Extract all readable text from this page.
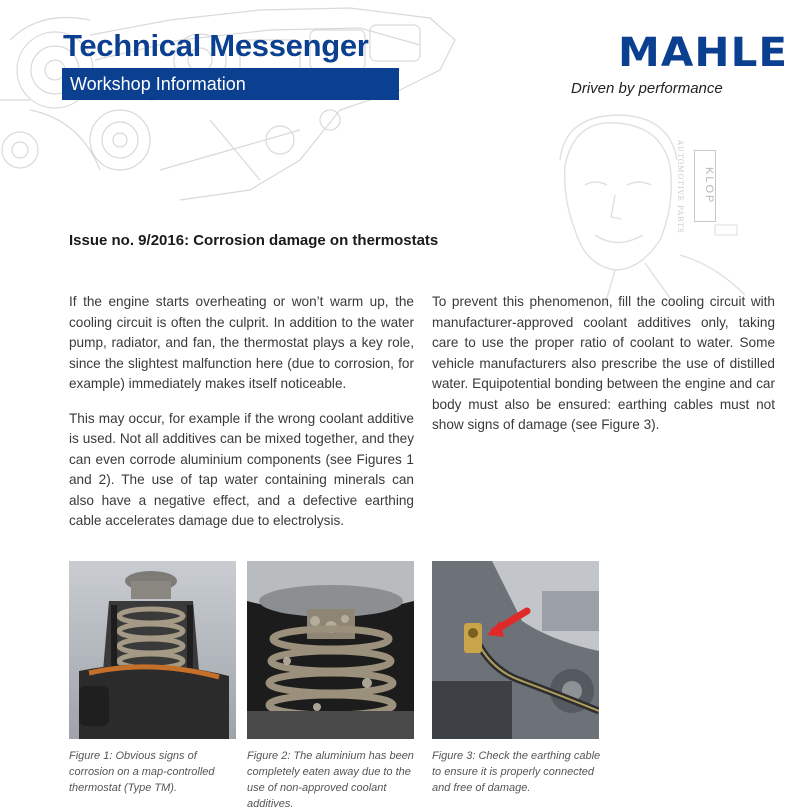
Technical Messenger
Workshop Information
MAHLE
Driven by performance
KLOP
AUTOMOTIVE PARTS
Issue no. 9/2016: Corrosion damage on thermostats

If the engine starts overheating or won’t warm up, the cooling circuit is often the culprit. In addition to the water pump, radiator, and fan, the thermostat plays a key role, since the slightest malfunction here (due to corrosion, for example) immediately makes itself noticeable.

This may occur, for example if the wrong coolant additive is used. Not all additives can be mixed together, and they can even corrode aluminium components (see Figures 1 and 2). The use of tap water containing minerals can also have a negative effect, and a defective earthing cable accelerates damage due to electrolysis.

To prevent this phenomenon, fill the cooling circuit with manufacturer-approved coolant additives only, taking care to use the proper ratio of coolant to water. Some vehicle manufacturers also prescribe the use of distilled water. Equipotential bonding between the engine and car body must also be ensured: earthing cables must not show signs of damage (see Figure 3).

Figure 1: Obvious signs of corrosion on a map-controlled thermostat (Type TM).
Figure 2: The aluminium has been completely eaten away due to the use of non-approved coolant additives.
Figure 3: Check the earthing cable to ensure it is properly connected and free of damage.
